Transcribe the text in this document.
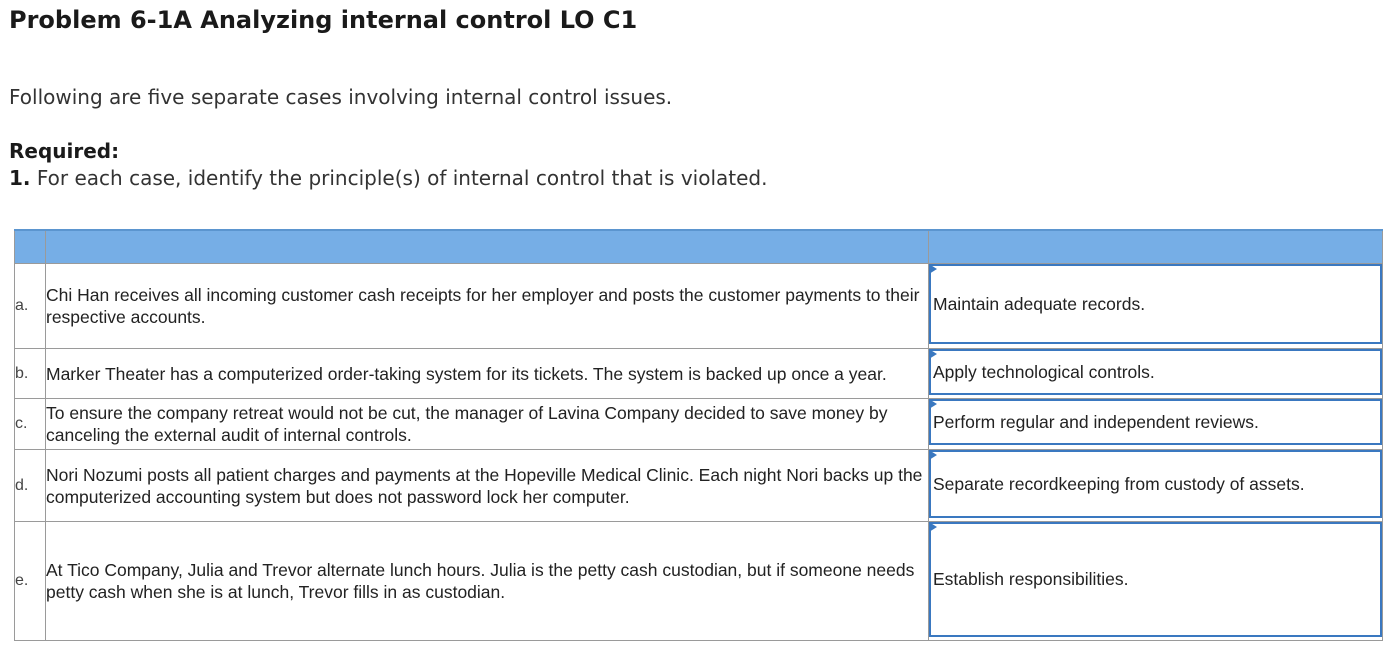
Problem 6-1A Analyzing internal control LO C1

Following are five separate cases involving internal control issues.

Required:

1. For each case, identify the principle(s) of internal control that is violated.

a.	Chi Han receives all incoming customer cash receipts for her employer and posts the customer payments to their respective accounts.	Maintain adequate records.

b.	Marker Theater has a computerized order-taking system for its tickets. The system is backed up once a year.	Apply technological controls.

c.	To ensure the company retreat would not be cut, the manager of Lavina Company decided to save money by canceling the external audit of internal controls.	Perform regular and independent reviews.

d.	Nori Nozumi posts all patient charges and payments at the Hopeville Medical Clinic. Each night Nori backs up the computerized accounting system but does not password lock her computer.	Separate recordkeeping from custody of assets.

e.	At Tico Company, Julia and Trevor alternate lunch hours. Julia is the petty cash custodian, but if someone needs petty cash when she is at lunch, Trevor fills in as custodian.	Establish responsibilities.
